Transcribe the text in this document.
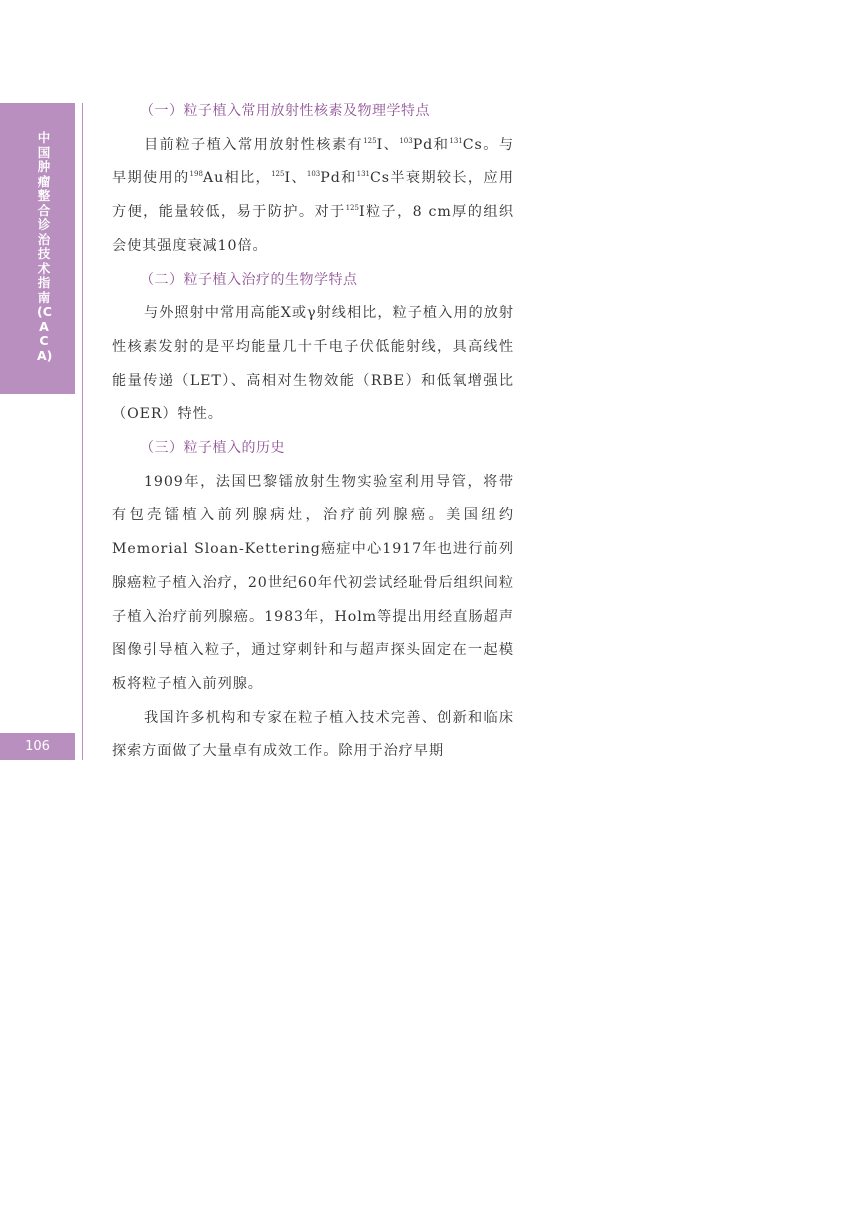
中国肿瘤整合诊治技术指南(CACA)
106

（一）粒子植入常用放射性核素及物理学特点

目前粒子植入常用放射性核素有$^{125}$I、$^{103}$Pd和$^{131}$Cs。与早期使用的$^{198}$Au相比，$^{125}$I、$^{103}$Pd和$^{131}$Cs半衰期较长，应用方便，能量较低，易于防护。对于$^{125}$I粒子，8 cm厚的组织会使其强度衰减10倍。

（二）粒子植入治疗的生物学特点

与外照射中常用高能X或γ射线相比，粒子植入用的放射性核素发射的是平均能量几十千电子伏低能射线，具高线性能量传递（LET）、高相对生物效能（RBE）和低氧增强比（OER）特性。

（三）粒子植入的历史

1909年，法国巴黎镭放射生物实验室利用导管，将带有包壳镭植入前列腺病灶，治疗前列腺癌。美国纽约Memorial Sloan-Kettering癌症中心1917年也进行前列腺癌粒子植入治疗，20世纪60年代初尝试经耻骨后组织间粒子植入治疗前列腺癌。1983年，Holm等提出用经直肠超声图像引导植入粒子，通过穿刺针和与超声探头固定在一起模板将粒子植入前列腺。

我国许多机构和专家在粒子植入技术完善、创新和临床探索方面做了大量卓有成效工作。除用于治疗早期
